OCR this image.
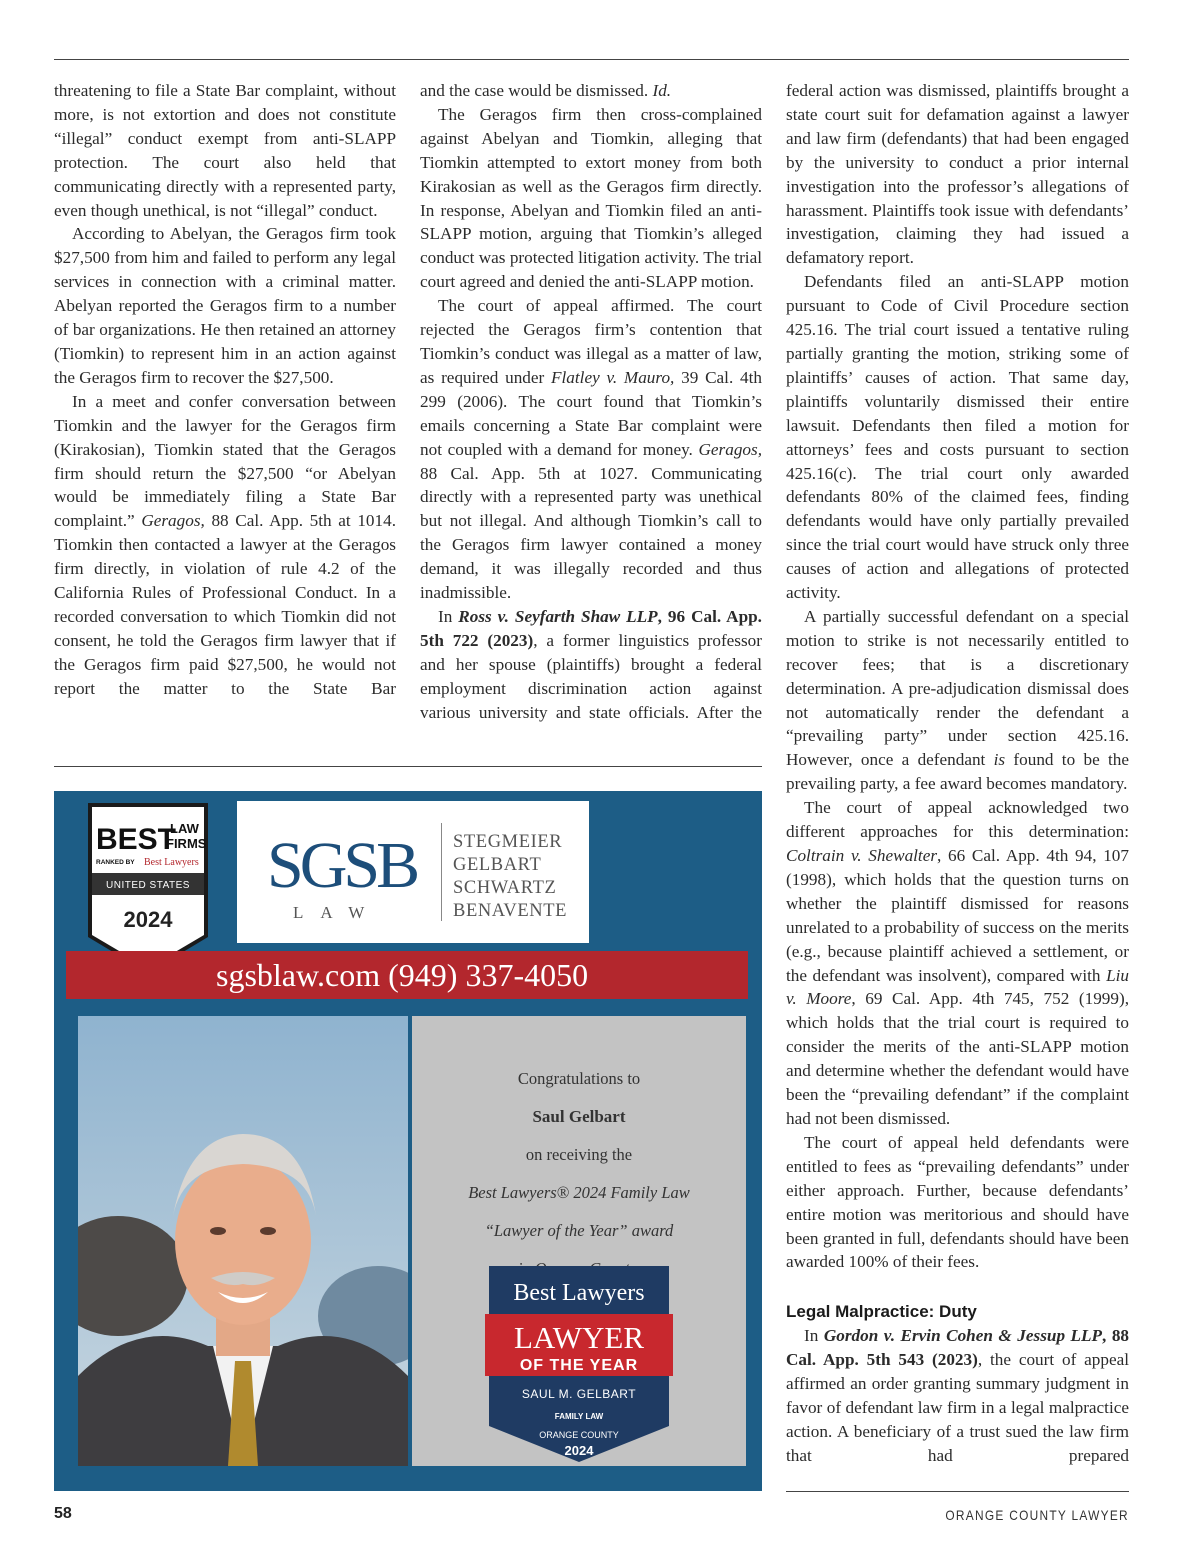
threatening to file a State Bar complaint, without more, is not extortion and does not constitute “illegal” conduct exempt from anti-SLAPP protection. The court also held that communicating directly with a represented party, even though unethical, is not “illegal” conduct.

According to Abelyan, the Geragos firm took $27,500 from him and failed to perform any legal services in connection with a criminal matter. Abelyan reported the Geragos firm to a number of bar organizations. He then retained an attorney (Tiomkin) to represent him in an action against the Geragos firm to recover the $27,500.

In a meet and confer conversation between Tiomkin and the lawyer for the Geragos firm (Kirakosian), Tiomkin stated that the Geragos firm should return the $27,500 “or Abelyan would be immediately filing a State Bar complaint.” Geragos, 88 Cal. App. 5th at 1014. Tiomkin then contacted a lawyer at the Geragos firm directly, in violation of rule 4.2 of the California Rules of Professional Conduct. In a recorded conversation to which Tiomkin did not consent, he told the Geragos firm lawyer that if the Geragos firm paid $27,500, he would not report the matter to the State Bar

and the case would be dismissed. Id.

The Geragos firm then cross-complained against Abelyan and Tiomkin, alleging that Tiomkin attempted to extort money from both Kirakosian as well as the Geragos firm directly. In response, Abelyan and Tiomkin filed an anti-SLAPP motion, arguing that Tiomkin’s alleged conduct was protected litigation activity. The trial court agreed and denied the anti-SLAPP motion.

The court of appeal affirmed. The court rejected the Geragos firm’s contention that Tiomkin’s conduct was illegal as a matter of law, as required under Flatley v. Mauro, 39 Cal. 4th 299 (2006). The court found that Tiomkin’s emails concerning a State Bar complaint were not coupled with a demand for money. Geragos, 88 Cal. App. 5th at 1027. Communicating directly with a represented party was unethical but not illegal. And although Tiomkin’s call to the Geragos firm lawyer contained a money demand, it was illegally recorded and thus inadmissible.

In Ross v. Seyfarth Shaw LLP, 96 Cal. App. 5th 722 (2023), a former linguistics professor and her spouse (plaintiffs) brought a federal employment discrimination action against various university and state officials. After the

federal action was dismissed, plaintiffs brought a state court suit for defamation against a lawyer and law firm (defendants) that had been engaged by the university to conduct a prior internal investigation into the professor’s allegations of harassment. Plaintiffs took issue with defendants’ investigation, claiming they had issued a defamatory report.

Defendants filed an anti-SLAPP motion pursuant to Code of Civil Procedure section 425.16. The trial court issued a tentative ruling partially granting the motion, striking some of plaintiffs’ causes of action. That same day, plaintiffs voluntarily dismissed their entire lawsuit. Defendants then filed a motion for attorneys’ fees and costs pursuant to section 425.16(c). The trial court only awarded defendants 80% of the claimed fees, finding defendants would have only partially prevailed since the trial court would have struck only three causes of action and allegations of protected activity.

A partially successful defendant on a special motion to strike is not necessarily entitled to recover fees; that is a discretionary determination. A pre-adjudication dismissal does not automatically render the defendant a “prevailing party” under section 425.16. However, once a defendant is found to be the prevailing party, a fee award becomes mandatory.

The court of appeal acknowledged two different approaches for this determination: Coltrain v. Shewalter, 66 Cal. App. 4th 94, 107 (1998), which holds that the question turns on whether the plaintiff dismissed for reasons unrelated to a probability of success on the merits (e.g., because plaintiff achieved a settlement, or the defendant was insolvent), compared with Liu v. Moore, 69 Cal. App. 4th 745, 752 (1999), which holds that the trial court is required to consider the merits of the anti-SLAPP motion and determine whether the defendant would have been the “prevailing defendant” if the complaint had not been dismissed.

The court of appeal held defendants were entitled to fees as “prevailing defendants” under either approach. Further, because defendants’ entire motion was meritorious and should have been granted in full, defendants should have been awarded 100% of their fees.

Legal Malpractice: Duty

In Gordon v. Ervin Cohen & Jessup LLP, 88 Cal. App. 5th 543 (2023), the court of appeal affirmed an order granting summary judgment in favor of defendant law firm in a legal malpractice action. A beneficiary of a trust sued the law firm that had prepared

BEST
LAW
FIRMS
RANKED BY Best Lawyers
UNITED STATES
2024
SGSB
LAW
STEGMEIER
GELBART
SCHWARTZ
BENAVENTE
sgsblaw.com (949) 337-4050
Congratulations to
Saul Gelbart
on receiving the
Best Lawyers® 2024 Family Law
“Lawyer of the Year” award
Best Lawyers
LAWYER
OF THE YEAR
SAUL M. GELBART
FAMILY LAW
ORANGE COUNTY
2024
58	ORANGE COUNTY LAWYER
